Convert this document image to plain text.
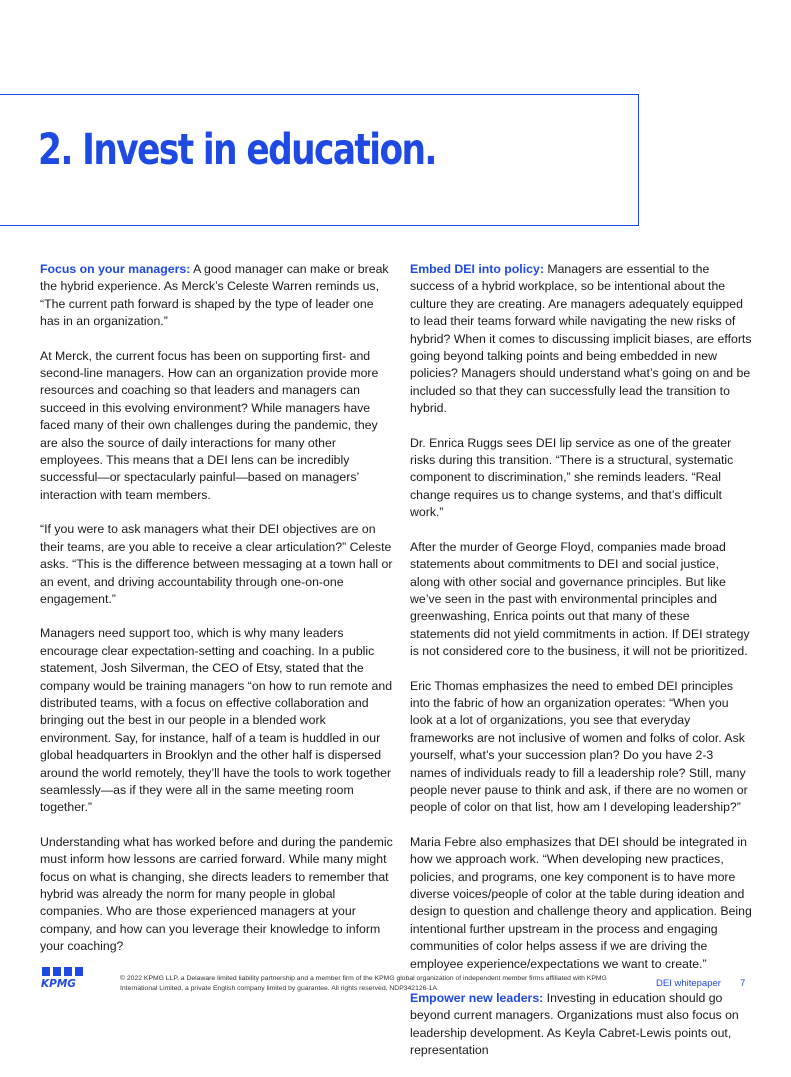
2. Invest in education.

Focus on your managers: A good manager can make or break the hybrid experience. As Merck’s Celeste Warren reminds us, “The current path forward is shaped by the type of leader one has in an organization.”

At Merck, the current focus has been on supporting first- and second-line managers. How can an organization provide more resources and coaching so that leaders and managers can succeed in this evolving environment? While managers have faced many of their own challenges during the pandemic, they are also the source of daily interactions for many other employees. This means that a DEI lens can be incredibly successful—or spectacularly painful—based on managers’ interaction with team members.

“If you were to ask managers what their DEI objectives are on their teams, are you able to receive a clear articulation?” Celeste asks. “This is the difference between messaging at a town hall or an event, and driving accountability through one-on-one engagement.”

Managers need support too, which is why many leaders encourage clear expectation-setting and coaching. In a public statement, Josh Silverman, the CEO of Etsy, stated that the company would be training managers “on how to run remote and distributed teams, with a focus on effective collaboration and bringing out the best in our people in a blended work environment. Say, for instance, half of a team is huddled in our global headquarters in Brooklyn and the other half is dispersed around the world remotely, they’ll have the tools to work together seamlessly—as if they were all in the same meeting room together.”

Understanding what has worked before and during the pandemic must inform how lessons are carried forward. While many might focus on what is changing, she directs leaders to remember that hybrid was already the norm for many people in global companies. Who are those experienced managers at your company, and how can you leverage their knowledge to inform your coaching?

Embed DEI into policy: Managers are essential to the success of a hybrid workplace, so be intentional about the culture they are creating. Are managers adequately equipped to lead their teams forward while navigating the new risks of hybrid? When it comes to discussing implicit biases, are efforts going beyond talking points and being embedded in new policies? Managers should understand what’s going on and be included so that they can successfully lead the transition to hybrid.

Dr. Enrica Ruggs sees DEI lip service as one of the greater risks during this transition. “There is a structural, systematic component to discrimination,” she reminds leaders. “Real change requires us to change systems, and that’s difficult work.”

After the murder of George Floyd, companies made broad statements about commitments to DEI and social justice, along with other social and governance principles. But like we’ve seen in the past with environmental principles and greenwashing, Enrica points out that many of these statements did not yield commitments in action. If DEI strategy is not considered core to the business, it will not be prioritized.

Eric Thomas emphasizes the need to embed DEI principles into the fabric of how an organization operates: “When you look at a lot of organizations, you see that everyday frameworks are not inclusive of women and folks of color. Ask yourself, what’s your succession plan? Do you have 2-3 names of individuals ready to fill a leadership role? Still, many people never pause to think and ask, if there are no women or people of color on that list, how am I developing leadership?”

Maria Febre also emphasizes that DEI should be integrated in how we approach work. “When developing new practices, policies, and programs, one key component is to have more diverse voices/people of color at the table during ideation and design to question and challenge theory and application. Being intentional further upstream in the process and engaging communities of color helps assess if we are driving the employee experience/expectations we want to create.”

Empower new leaders: Investing in education should go beyond current managers. Organizations must also focus on leadership development. As Keyla Cabret-Lewis points out, representation

KPMG	© 2022 KPMG LLP, a Delaware limited liability partnership and a member firm of the KPMG global organization of independent member firms affiliated with KPMG International Limited, a private English company limited by guarantee. All rights reserved. NDP342126-1A	DEI whitepaper 7
